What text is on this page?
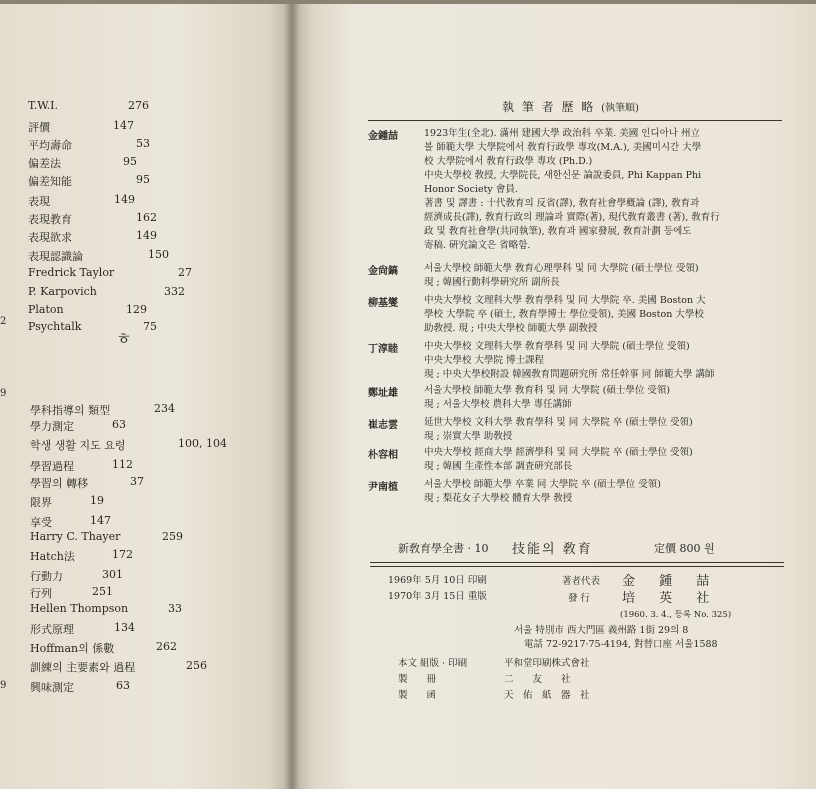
2
9
9
ㅎ
T.W.I.	276
評價	147
平均壽命	53
偏差法	95
偏差知能	95
表現	149
表現教育	162
表現欲求	149
表現認識論	150
Fredrick Taylor	27
P. Karpovich	332
Platon	129
Psychtalk	75
學科指導의 類型	234
學力測定	63
학생 생활 지도 요령	100, 104
學習過程	112
學習의 轉移	37
限界	19
享受	147
Harry C. Thayer	259
Hatch法	172
行動力	301
行列	251
Hellen Thompson	33
形式原理	134
Hoffman의 係數	262
訓練의 主要素와 過程	256
興味測定	63
執 筆 者 歷 略 (執筆順)
金鍾喆	1923年生(全北). 滿州 建國大學 政治科 卒業. 美國 인디아나 州立
볼 師範大學 大學院에서 敎育行政學 專攻(M.A.), 美國미시간 大學
校 大學院에서 敎育行政學 專攻 (Ph.D.)
中央大學校 敎授, 大學院長, 새한신문 論說委員, Phi Kappan Phi
Honor Society 會員.
著書 및 譯書 : 十代敎育의 反省(譯), 敎育社會學槪論 (譯), 敎育과
經濟成長(譯), 敎育行政의 理論과 實際(著), 現代敎育叢書 (著), 敎育行
政 및 敎育社會學(共同執筆), 敎育과 國家發展, 敎育計劃 등에도
寄稿. 硏究論文은 省略함.
金尙鎬	서울大學校 師範大學 敎育心理學科 및 同 大學院 (碩士學位 受領)
現 ; 韓國行動科學硏究所 副所長
柳基燮	中央大學校 文理科大學 敎育學科 및 同 大學院 卒. 美國 Boston 大
學校 大學院 卒 (碩士, 敎育學博士 學位受領), 美國 Boston 大學校
助敎授. 現 ; 中央大學校 師範大學 副敎授
丁淳睦	中央大學校 文理科大學 敎育學科 및 同 大學院 (碩士學位 受領)
中央大學校 大學院 博士課程
現 ; 中央大學校附設 韓國敎育問題硏究所 常任幹事 同 師範大學 講師
鄭址雄	서울大學校 師範大學 敎育科 및 同 大學院 (碩士學位 受領)
現 ; 서울大學校 農科大學 專任講師
崔志雲	延世大學校 文科大學 敎育學科 및 同 大學院 卒 (碩士學位 受領)
現 ; 崇實大學 助敎授
朴容相	中央大學校 經商大學 經濟學科 및 同 大學院 卒 (碩士學位 受領)
現 ; 韓國 生產性本部 調査硏究部長
尹南植	서울大學校 師範大學 卒業 同 大學院 卒 (碩士學位 受領)
現 ; 梨花女子大學校 體育大學 敎授
新敎育學全書 · 10 技能의 敎育	定價 800 원
1969年 5月 10日 印刷
1970年 3月 15日 重版
著者代表 金 鍾 喆
發 行 培 英 社
(1960. 3. 4., 등록 No. 325)
서울 特別市 西大門區 義州路 1街 29의 8
電話 72-9217·75-4194, 對替口座 서울1588
本文 組版 · 印刷	平和堂印刷株式會社
製　　冊	二　　友　　社
製　　函	天　佑　紙　器　社
